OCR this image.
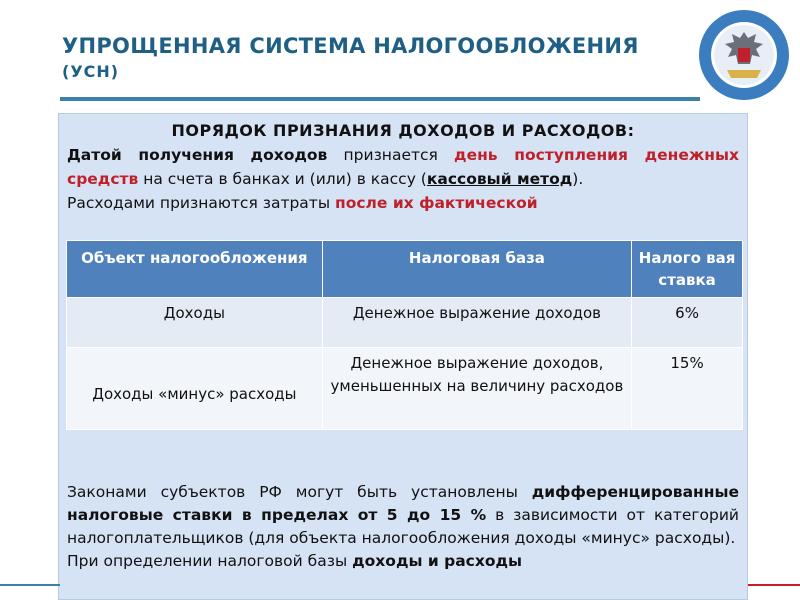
УПРОЩЕННАЯ СИСТЕМА НАЛОГООБЛОЖЕНИЯ
(УСН)
ПОРЯДОК ПРИЗНАНИЯ ДОХОДОВ И РАСХОДОВ:
Датой получения доходов признается день поступления денежных средств на счета в банках и (или) в кассу (кассовый метод).
Расходами признаются затраты после их фактической
Объект налогообложения	Налоговая база	Налого вая ставка
Доходы	Денежное выражение доходов	6%
Доходы «минус» расходы	Денежное выражение доходов, уменьшенных на величину расходов	15%
Законами субъектов РФ могут быть установлены дифференцированные налоговые ставки в пределах от 5 до 15 % в зависимости от категорий налогоплательщиков (для объекта налогообложения доходы «минус» расходы).
При определении налоговой базы доходы и расходы
